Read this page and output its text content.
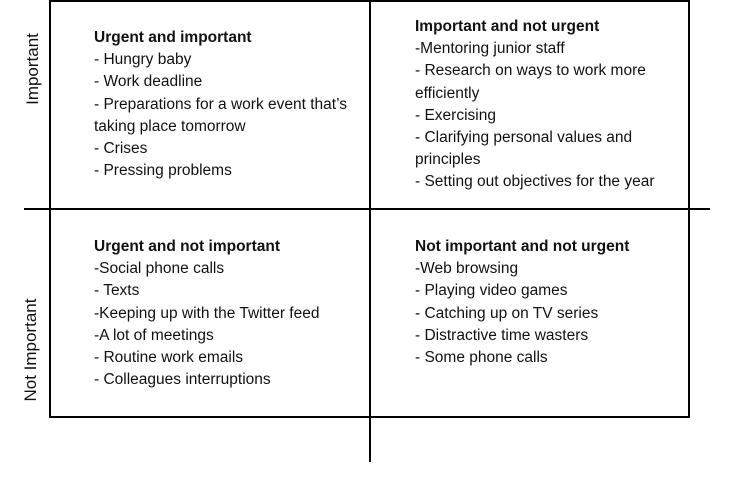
Important
Not Important
Urgent and important
- Hungry baby
- Work deadline
- Preparations for a work event that’s taking place tomorrow
- Crises
- Pressing problems
Important and not urgent
-Mentoring junior staff
- Research on ways to work more efficiently
- Exercising
- Clarifying personal values and principles
- Setting out objectives for the year
Urgent and not important
-Social phone calls
- Texts
-Keeping up with the Twitter feed
-A lot of meetings
- Routine work emails
- Colleagues interruptions
Not important and not urgent
-Web browsing
- Playing video games
- Catching up on TV series
- Distractive time wasters
- Some phone calls
